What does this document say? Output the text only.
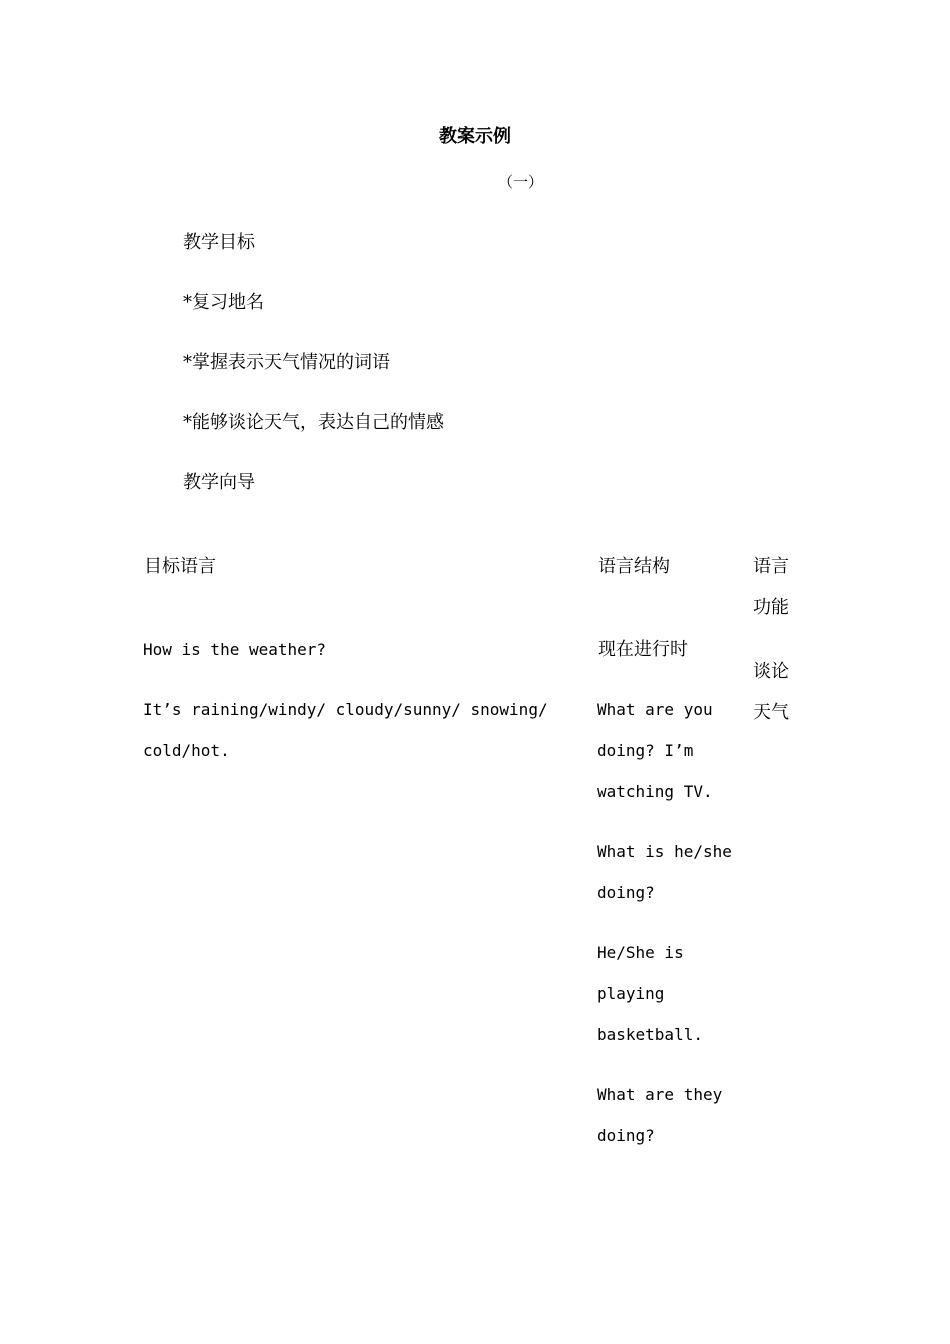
教案示例
（一）
教学目标
*复习地名
*掌握表示天气情况的词语
*能够谈论天气，表达自己的情感
教学向导
目标语言	语言结构	语言
功能
How is the weather?
It’s raining/windy/ cloudy/sunny/ snowing/
cold/hot.
现在进行时
What are you
doing? I’m
watching TV.
What is he/she
doing?
He/She is
playing
basketball.
What are they
doing?
谈论
天气
